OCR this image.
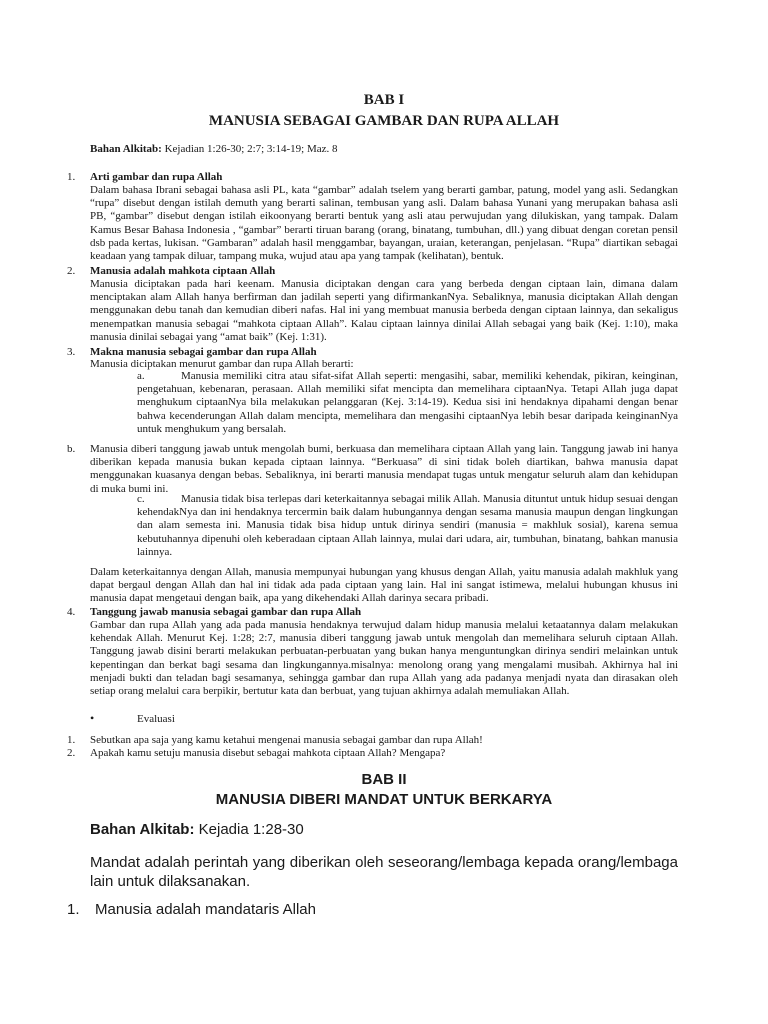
BAB I
MANUSIA SEBAGAI GAMBAR DAN RUPA ALLAH
Bahan Alkitab: Kejadian 1:26-30; 2:7; 3:14-19; Maz. 8
1. Arti gambar dan rupa Allah
Dalam bahasa Ibrani sebagai bahasa asli PL, kata “gambar” adalah tselem yang berarti gambar, patung, model yang asli. Sedangkan “rupa” disebut dengan istilah demuth yang berarti salinan, tembusan yang asli. Dalam bahasa Yunani yang merupakan bahasa asli PB, “gambar” disebut dengan istilah eikoonyang berarti bentuk yang asli atau perwujudan yang dilukiskan, yang tampak. Dalam Kamus Besar Bahasa Indonesia , “gambar” berarti tiruan barang (orang, binatang, tumbuhan, dll.) yang dibuat dengan coretan pensil dsb pada kertas, lukisan. “Gambaran” adalah hasil menggambar, bayangan, uraian, keterangan, penjelasan. “Rupa” diartikan sebagai keadaan yang tampak diluar, tampang muka, wujud atau apa yang tampak (kelihatan), bentuk.
2. Manusia adalah mahkota ciptaan Allah
Manusia diciptakan pada hari keenam. Manusia diciptakan dengan cara yang berbeda dengan ciptaan lain, dimana dalam menciptakan alam Allah hanya berfirman dan jadilah seperti yang difirmankanNya. Sebaliknya, manusia diciptakan Allah dengan menggunakan debu tanah dan kemudian diberi nafas. Hal ini yang membuat manusia berbeda dengan ciptaan lainnya, dan sekaligus menempatkan manusia sebagai “mahkota ciptaan Allah”. Kalau ciptaan lainnya dinilai Allah sebagai yang baik (Kej. 1:10), maka manusia dinilai sebagai yang “amat baik” (Kej. 1:31).
3. Makna manusia sebagai gambar dan rupa Allah
Manusia diciptakan menurut gambar dan rupa Allah berarti:
a.	Manusia memiliki citra atau sifat-sifat Allah seperti: mengasihi, sabar, memiliki kehendak, pikiran, keinginan, pengetahuan, kebenaran, perasaan. Allah memiliki sifat mencipta dan memelihara ciptaanNya. Tetapi Allah juga dapat menghukum ciptaanNya bila melakukan pelanggaran (Kej. 3:14-19). Kedua sisi ini hendaknya dipahami dengan benar bahwa kecenderungan Allah dalam mencipta, memelihara dan mengasihi ciptaanNya lebih besar daripada keinginanNya untuk menghukum yang bersalah.
b. Manusia diberi tanggung jawab untuk mengolah bumi, berkuasa dan memelihara ciptaan Allah yang lain. Tanggung jawab ini hanya diberikan kepada manusia bukan kepada ciptaan lainnya. “Berkuasa” di sini tidak boleh diartikan, bahwa manusia dapat menggunakan kuasanya dengan bebas. Sebaliknya, ini berarti manusia mendapat tugas untuk mengatur seluruh alam dan kehidupan di muka bumi ini.
c.	Manusia tidak bisa terlepas dari keterkaitannya sebagai milik Allah. Manusia dituntut untuk hidup sesuai dengan kehendakNya dan ini hendaknya tercermin baik dalam hubungannya dengan sesama manusia maupun dengan lingkungan dan alam semesta ini. Manusia tidak bisa hidup untuk dirinya sendiri (manusia = makhluk sosial), karena semua kebutuhannya dipenuhi oleh keberadaan ciptaan Allah lainnya, mulai dari udara, air, tumbuhan, binatang, bahkan manusia lainnya.
Dalam keterkaitannya dengan Allah, manusia mempunyai hubungan yang khusus dengan Allah, yaitu manusia adalah makhluk yang dapat bergaul dengan Allah dan hal ini tidak ada pada ciptaan yang lain. Hal ini sangat istimewa, melalui hubungan khusus ini manusia dapat mengetaui dengan baik, apa yang dikehendaki Allah darinya secara pribadi.
4. Tanggung jawab manusia sebagai gambar dan rupa Allah
Gambar dan rupa Allah yang ada pada manusia hendaknya terwujud dalam hidup manusia melalui ketaatannya dalam melakukan kehendak Allah. Menurut Kej. 1:28; 2:7, manusia diberi tanggung jawab untuk mengolah dan memelihara seluruh ciptaan Allah. Tanggung jawab disini berarti melakukan perbuatan-perbuatan yang bukan hanya menguntungkan dirinya sendiri melainkan untuk kepentingan dan berkat bagi sesama dan lingkungannya.misalnya: menolong orang yang mengalami musibah. Akhirnya hal ini menjadi bukti dan teladan bagi sesamanya, sehingga gambar dan rupa Allah yang ada padanya menjadi nyata dan dirasakan oleh setiap orang melalui cara berpikir, bertutur kata dan berbuat, yang tujuan akhirnya adalah memuliakan Allah.
•	Evaluasi
1. Sebutkan apa saja yang kamu ketahui mengenai manusia sebagai gambar dan rupa Allah!
2. Apakah kamu setuju manusia disebut sebagai mahkota ciptaan Allah? Mengapa?
BAB II
MANUSIA DIBERI MANDAT UNTUK BERKARYA
Bahan Alkitab: Kejadia 1:28-30
Mandat adalah perintah yang diberikan oleh seseorang/lembaga kepada orang/lembaga lain untuk dilaksanakan.
1. Manusia adalah mandataris Allah
